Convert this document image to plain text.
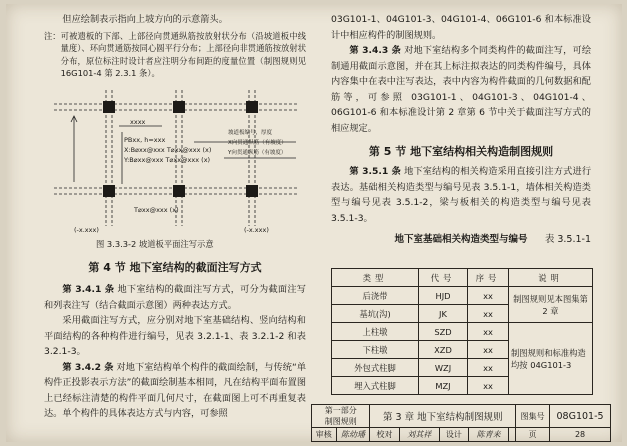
但应绘制表示指向上坡方向的示意箭头。

注： 可被遗板的下部、上部径向贯通纵筋按放射状分布（沿坡道板中线量度）、环向贯通筋按同心圆平行分布；上部径向非贯通筋按放射状分布，原位标注时设计者应注明分布间距的度量位置（制图规则见 16G101-4 第 2.3.1 条）。

xxxx
PBxx, h=xxx
X:B⌀xx@xxx T⌀xx@xxx (x)
Y:B⌀xx@xxx T⌀xx@xxx (x)
坡道板编号，厚度
X向贯通纵筋（有坡度）
Y向贯通纵筋（有坡度）
T⌀xx@xxx (x)
(-x.xxx)	(-x.xxx)
图 3.3.3-2 坡道板平面注写示意
第 4 节 地下室结构的截面注写方式

第 3.4.1 条 地下室结构的截面注写方式，可分为截面注写和列表注写（结合截面示意图）两种表达方式。

采用截面注写方式，应分别对地下室基础结构、竖向结构和平面结构的各种构件进行编号，见表 3.2.1-1、表 3.2.1-2 和表 3.2.1-3。

第 3.4.2 条 对地下室结构单个构件的截面绘制，与传统“单构件正投影表示方法”的截面绘制基本相同，凡在结构平面布置图上已经标注清楚的构件平面几何尺寸，在截面图上可不再重复表达。单个构件的具体表达方式与内容，可参照

03G101-1、04G101-3、04G101-4、06G101-6 和本标准设计中相应构件的制图规则。

第 3.4.3 条 对地下室结构多个同类构件的截面注写，可绘制通用截面示意图，并在其上标注拟表达的同类构件编号，具体内容集中在表中注写表达，表中内容为构件截面的几何数据和配筋等，可参照 03G101-1、04G101-3、04G101-4、06G101-6 和本标准设计第 2 章第 6 节中关于截面注写方式的相应规定。

第 5 节 地下室结构相关构造制图规则

第 3.5.1 条 地下室结构的相关构造采用直接引注方式进行表达。基础相关构造类型与编号见表 3.5.1-1，墙体相关构造类型与编号见表 3.5.1-2，梁与板相关的构造类型与编号见表 3.5.1-3。

地下室基础相关构造类型与编号 表 3.5.1-1
类型	代号	序号	说明
后浇带	HJD	xx	制图规则见本图集第 2 章
基坑(沟)	JK	xx	
上柱墩	SZD	xx	制图规则和标准构造均按 04G101-3
下柱墩	XZD	xx	
外包式柱脚	WZJ	xx	
埋入式柱脚	MZJ	xx	
第一部分
制图规则		第 3 章 地下室结构制图规则					图集号	08G101-5
审核	陈幼璠	校对	刘其祥	设计	陈青来		页	28
